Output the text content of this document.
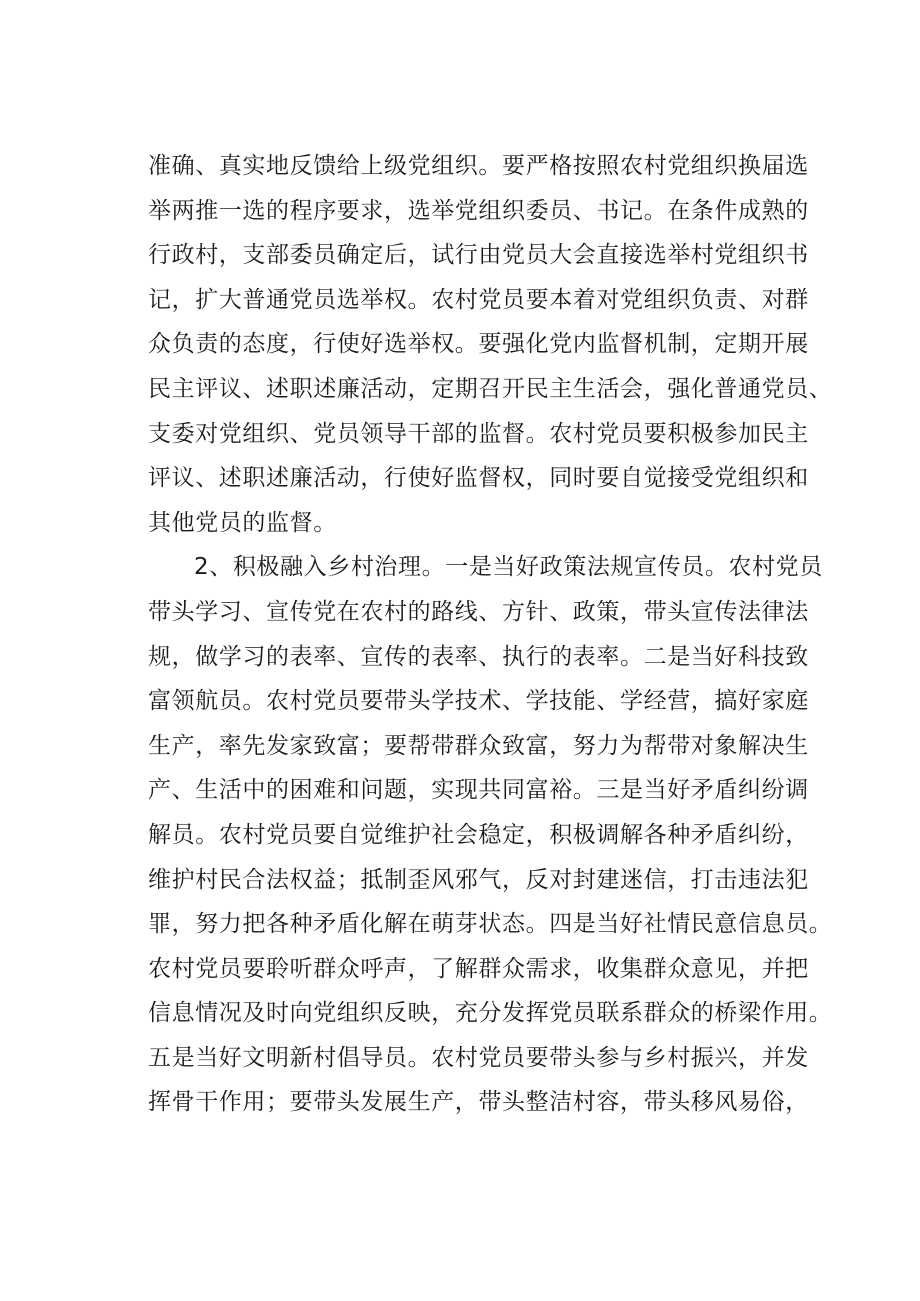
准确、真实地反馈给上级党组织。要严格按照农村党组织换届选
举两推一选的程序要求，选举党组织委员、书记。在条件成熟的
行政村，支部委员确定后，试行由党员大会直接选举村党组织书
记，扩大普通党员选举权。农村党员要本着对党组织负责、对群
众负责的态度，行使好选举权。要强化党内监督机制，定期开展
民主评议、述职述廉活动，定期召开民主生活会，强化普通党员、
支委对党组织、党员领导干部的监督。农村党员要积极参加民主
评议、述职述廉活动，行使好监督权，同时要自觉接受党组织和
其他党员的监督。
2、积极融入乡村治理。一是当好政策法规宣传员。农村党员
带头学习、宣传党在农村的路线、方针、政策，带头宣传法律法
规，做学习的表率、宣传的表率、执行的表率。二是当好科技致
富领航员。农村党员要带头学技术、学技能、学经营，搞好家庭
生产，率先发家致富；要帮带群众致富，努力为帮带对象解决生
产、生活中的困难和问题，实现共同富裕。三是当好矛盾纠纷调
解员。农村党员要自觉维护社会稳定，积极调解各种矛盾纠纷，
维护村民合法权益；抵制歪风邪气，反对封建迷信，打击违法犯
罪，努力把各种矛盾化解在萌芽状态。四是当好社情民意信息员。
农村党员要聆听群众呼声，了解群众需求，收集群众意见，并把
信息情况及时向党组织反映，充分发挥党员联系群众的桥梁作用。
五是当好文明新村倡导员。农村党员要带头参与乡村振兴，并发
挥骨干作用；要带头发展生产，带头整洁村容，带头移风易俗，
